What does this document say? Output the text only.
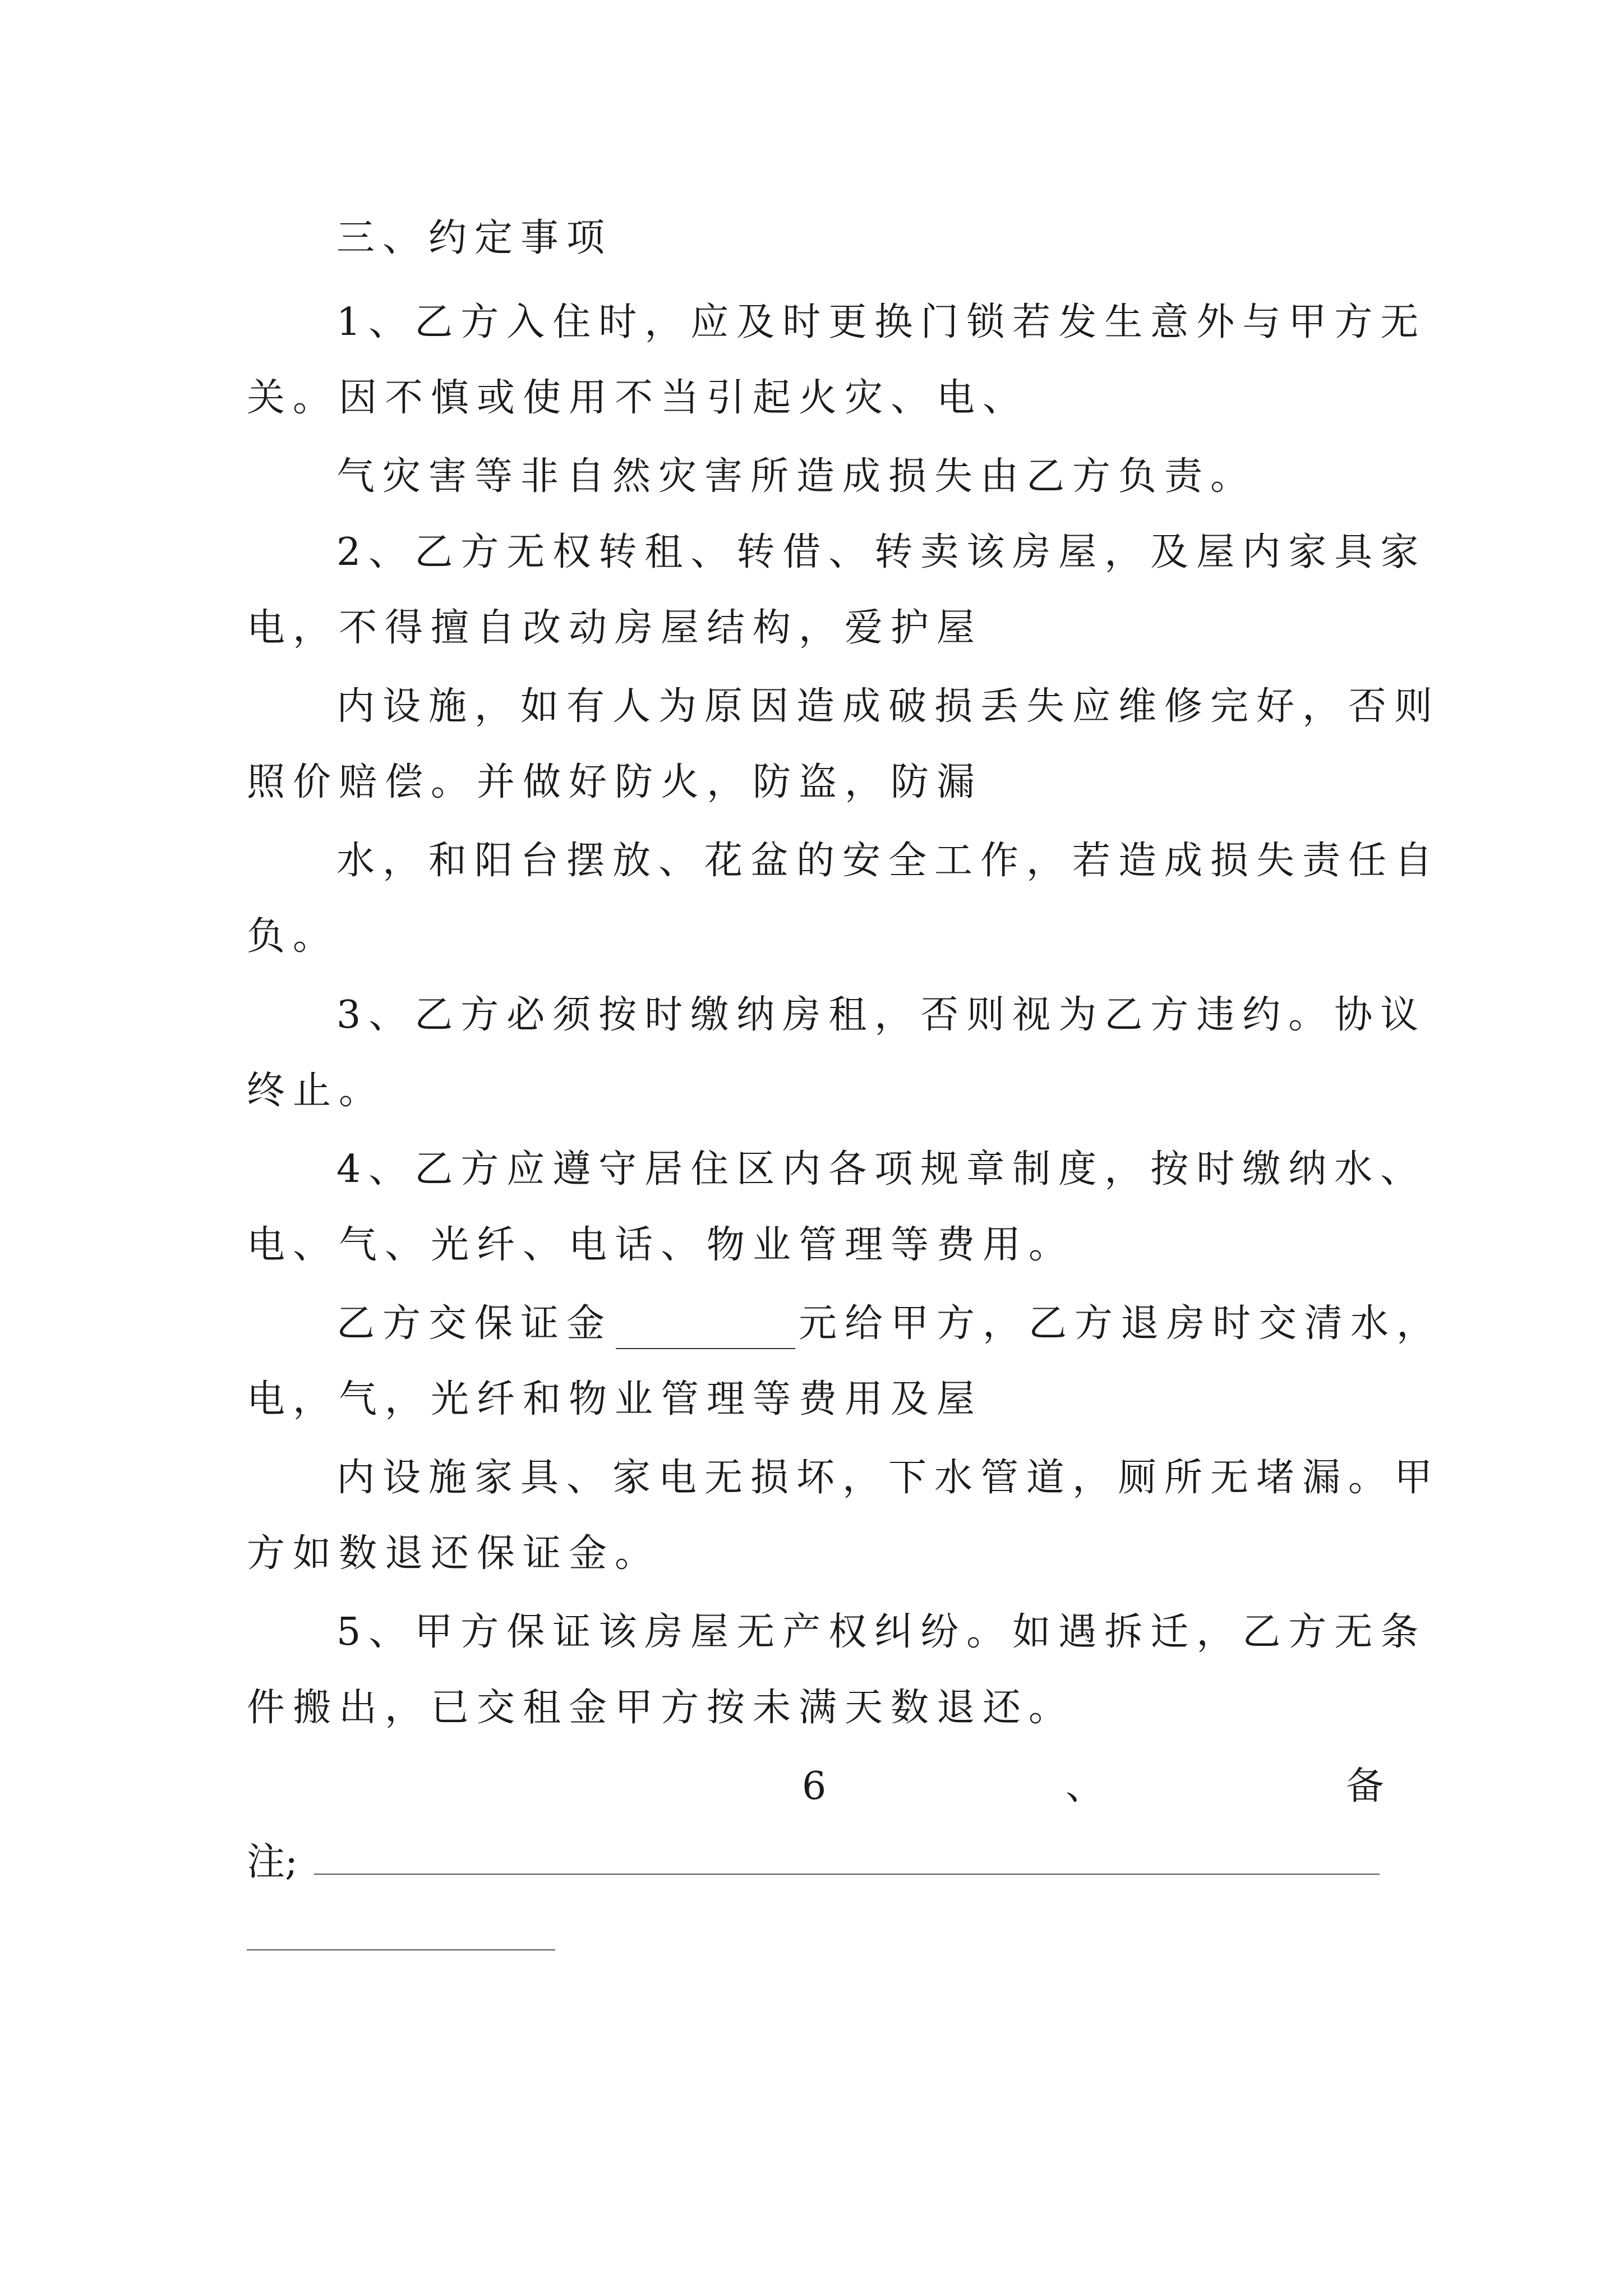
三、约定事项
1、乙方入住时，应及时更换门锁若发生意外与甲方无
关。因不慎或使用不当引起火灾、电、
气灾害等非自然灾害所造成损失由乙方负责。
2、乙方无权转租、转借、转卖该房屋，及屋内家具家
电，不得擅自改动房屋结构，爱护屋
内设施，如有人为原因造成破损丢失应维修完好，否则
照价赔偿。并做好防火，防盗，防漏
水，和阳台摆放、花盆的安全工作，若造成损失责任自
负。
3、乙方必须按时缴纳房租，否则视为乙方违约。协议
终止。
4、乙方应遵守居住区内各项规章制度，按时缴纳水、
电、气、光纤、电话、物业管理等费用。
乙方交保证金	元给甲方，乙方退房时交清水，
电，气，光纤和物业管理等费用及屋
内设施家具、家电无损坏，下水管道，厕所无堵漏。甲
方如数退还保证金。
5、甲方保证该房屋无产权纠纷。如遇拆迁，乙方无条
件搬出，已交租金甲方按未满天数退还。
6	、	备
注;
